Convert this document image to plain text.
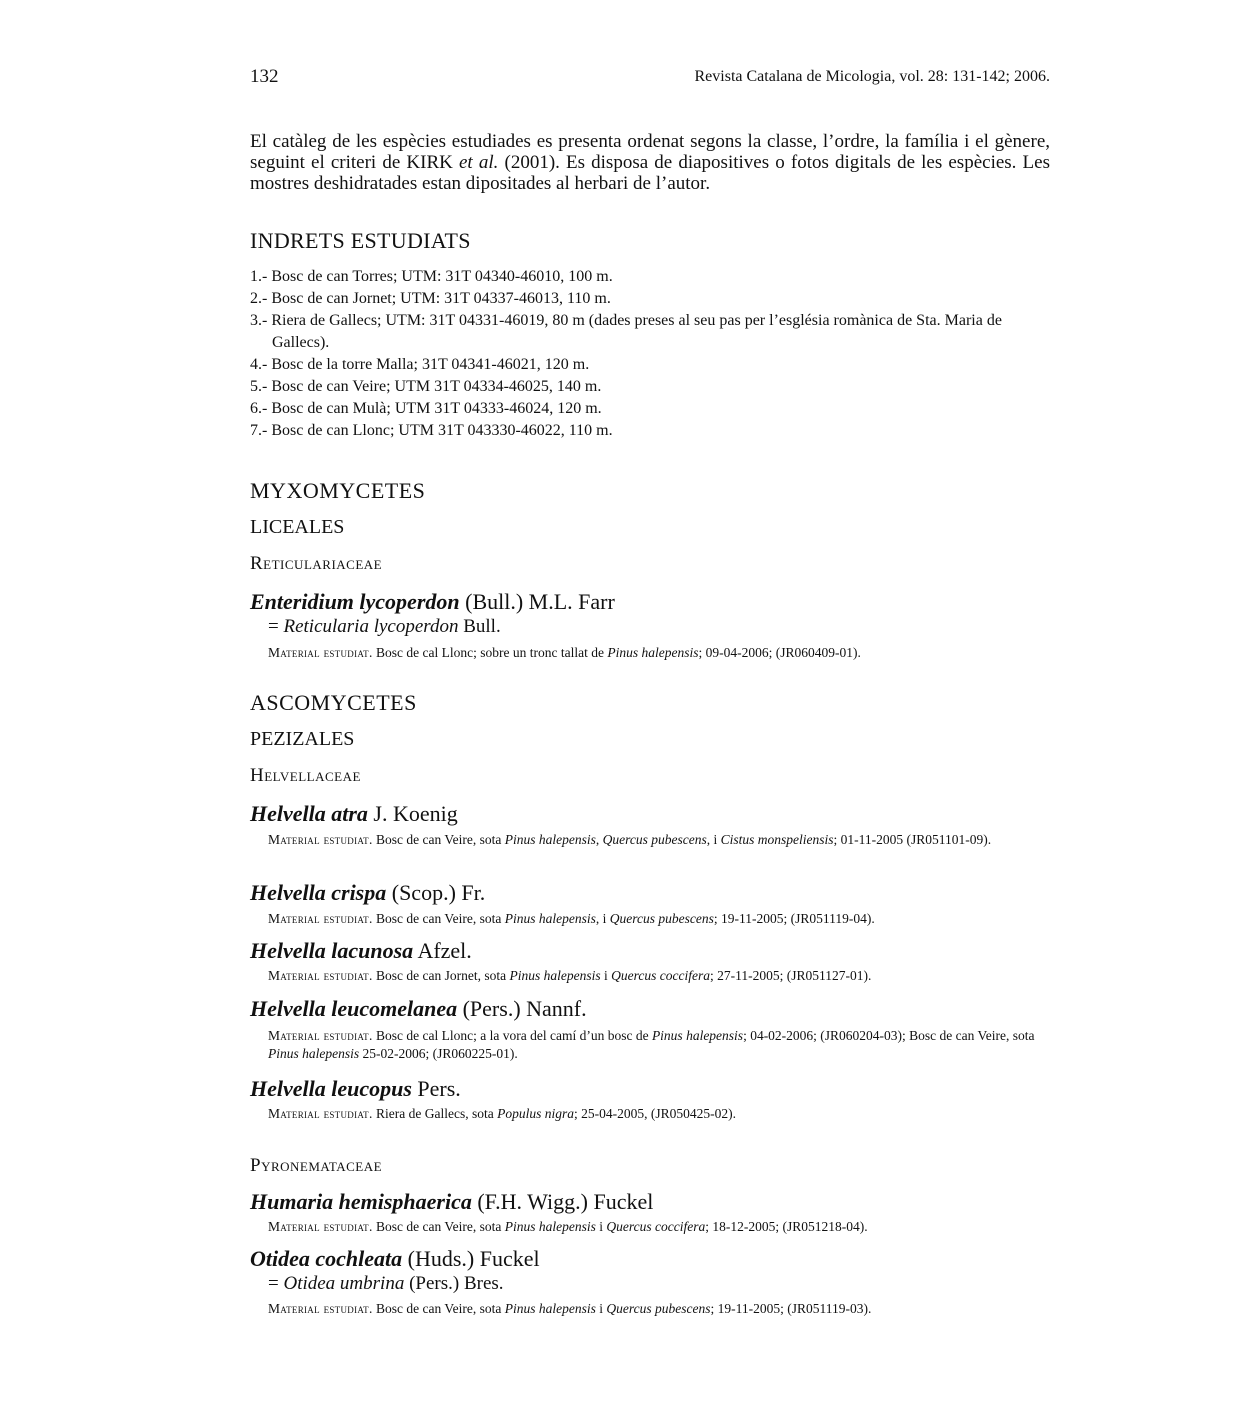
132	Revista Catalana de Micologia, vol. 28: 131-142; 2006.

El catàleg de les espècies estudiades es presenta ordenat segons la classe, l’ordre, la família i el gènere, seguint el criteri de KIRK et al. (2001). Es disposa de diapositives o fotos digitals de les espècies. Les mostres deshidratades estan dipositades al herbari de l’autor.

INDRETS ESTUDIATS
1.- Bosc de can Torres; UTM: 31T 04340-46010, 100 m.
2.- Bosc de can Jornet; UTM: 31T 04337-46013, 110 m.
3.- Riera de Gallecs; UTM: 31T 04331-46019, 80 m (dades preses al seu pas per l’església romànica de Sta. Maria de Gallecs).
4.- Bosc de la torre Malla; 31T 04341-46021, 120 m.
5.- Bosc de can Veire; UTM 31T 04334-46025, 140 m.
6.- Bosc de can Mulà; UTM 31T 04333-46024, 120 m.
7.- Bosc de can Llonc; UTM 31T 043330-46022, 110 m.
MYXOMYCETES
LICEALES
Reticulariaceae
Enteridium lycoperdon (Bull.) M.L. Farr
= Reticularia lycoperdon Bull.
Material estudiat. Bosc de cal Llonc; sobre un tronc tallat de Pinus halepensis; 09-04-2006; (JR060409-01).
ASCOMYCETES
PEZIZALES
Helvellaceae
Helvella atra J. Koenig
Material estudiat. Bosc de can Veire, sota Pinus halepensis, Quercus pubescens, i Cistus monspeliensis; 01-11-2005 (JR051101-09).
Helvella crispa (Scop.) Fr.
Material estudiat. Bosc de can Veire, sota Pinus halepensis, i Quercus pubescens; 19-11-2005; (JR051119-04).
Helvella lacunosa Afzel.
Material estudiat. Bosc de can Jornet, sota Pinus halepensis i Quercus coccifera; 27-11-2005; (JR051127-01).
Helvella leucomelanea (Pers.) Nannf.
Material estudiat. Bosc de cal Llonc; a la vora del camí d’un bosc de Pinus halepensis; 04-02-2006; (JR060204-03); Bosc de can Veire, sota Pinus halepensis 25-02-2006; (JR060225-01).
Helvella leucopus Pers.
Material estudiat. Riera de Gallecs, sota Populus nigra; 25-04-2005, (JR050425-02).
Pyronemataceae
Humaria hemisphaerica (F.H. Wigg.) Fuckel
Material estudiat. Bosc de can Veire, sota Pinus halepensis i Quercus coccifera; 18-12-2005; (JR051218-04).
Otidea cochleata (Huds.) Fuckel
= Otidea umbrina (Pers.) Bres.
Material estudiat. Bosc de can Veire, sota Pinus halepensis i Quercus pubescens; 19-11-2005; (JR051119-03).
